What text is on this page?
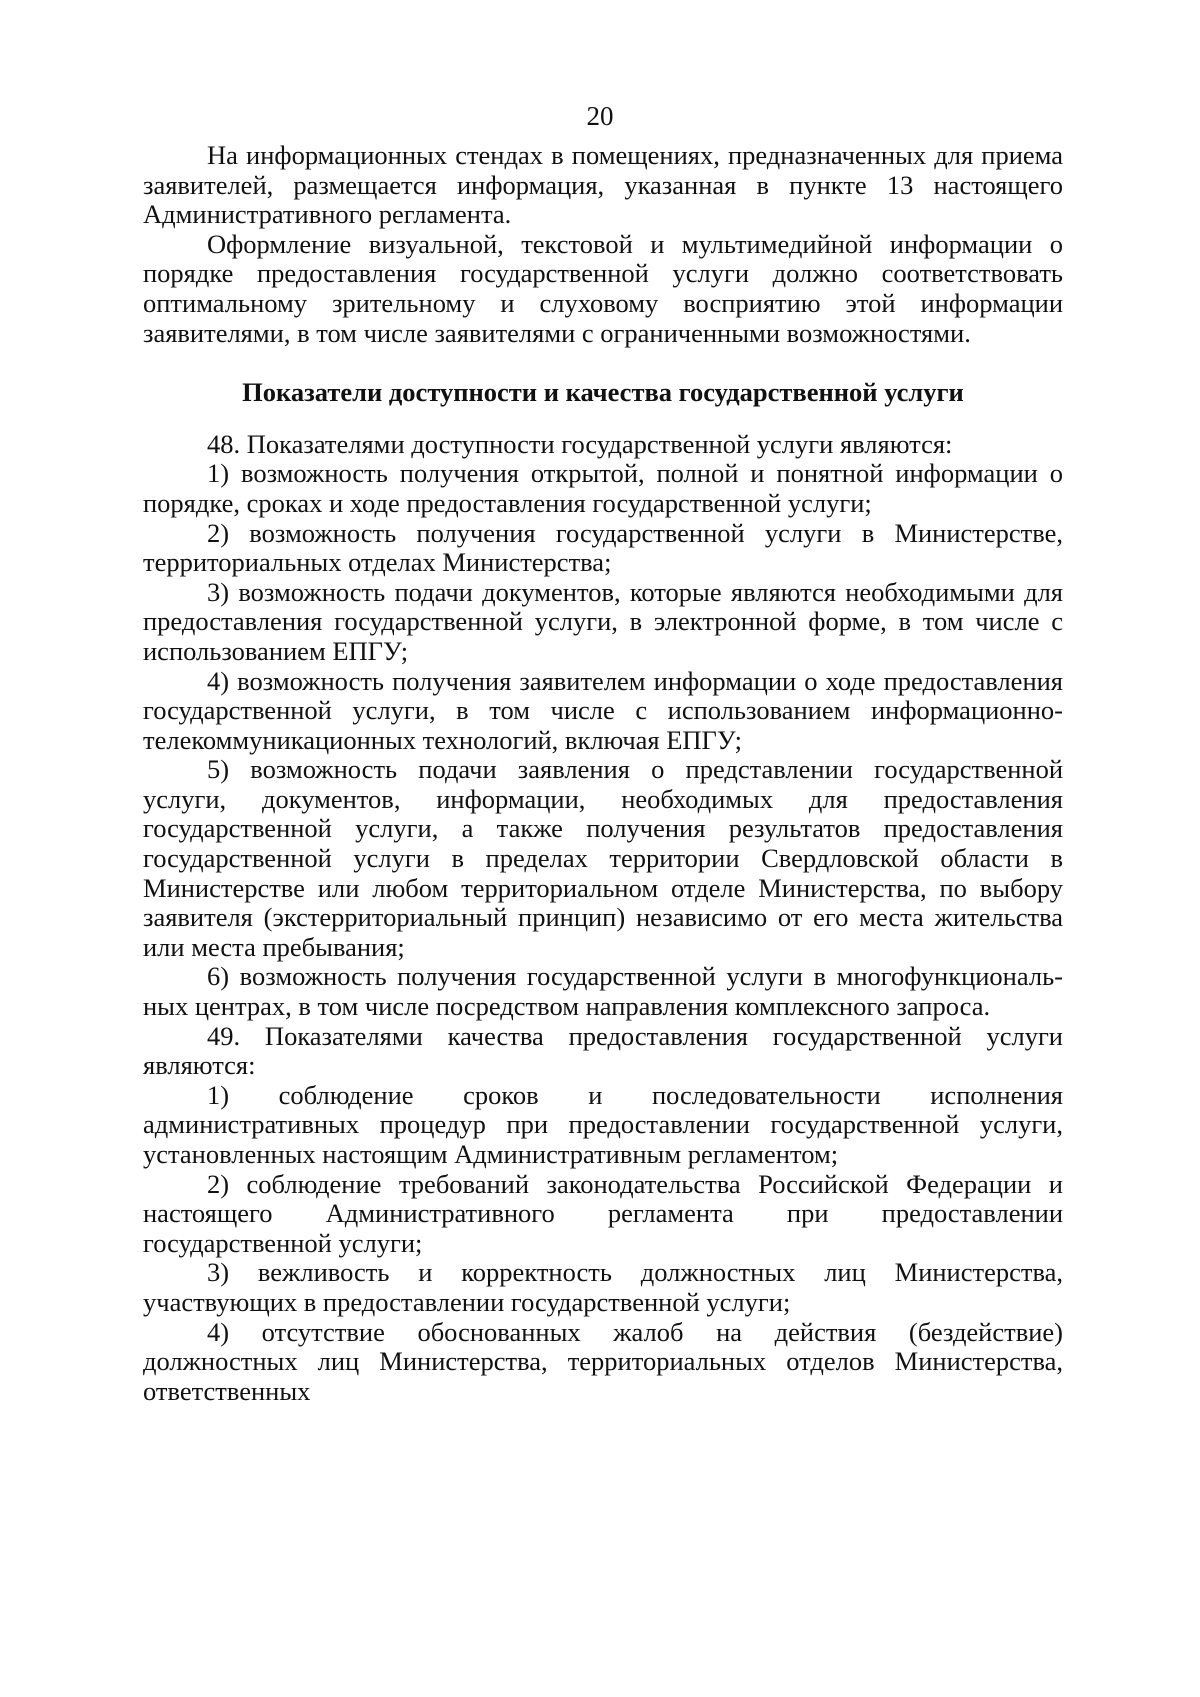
20

На информационных стендах в помещениях, предназначенных для приема заявителей, размещается информация, указанная в пункте 13 настоящего Административного регламента.

Оформление визуальной, текстовой и мультимедийной информации о порядке предоставления государственной услуги должно соответствовать оптимальному зрительному и слуховому восприятию этой информации заявителями, в том числе заявителями с ограниченными возможностями.

Показатели доступности и качества государственной услуги

48. Показателями доступности государственной услуги являются:

1) возможность получения открытой, полной и понятной информации о порядке, сроках и ходе предоставления государственной услуги;

2) возможность получения государственной услуги в Министерстве, территориальных отделах Министерства;

3) возможность подачи документов, которые являются необходимыми для предоставления государственной услуги, в электронной форме, в том числе с использованием ЕПГУ;

4) возможность получения заявителем информации о ходе предоставления государственной услуги, в том числе с использованием информационно-телекоммуникационных технологий, включая ЕПГУ;

5) возможность подачи заявления о представлении государственной услуги, документов, информации, необходимых для предоставления государственной услуги, а также получения результатов предоставления государственной услуги в пределах территории Свердловской области в Министерстве или любом территориальном отделе Министерства, по выбору заявителя (экстерриториальный принцип) независимо от его места жительства или места пребывания;

6) возможность получения государственной услуги в многофункциональ-ных центрах, в том числе посредством направления комплексного запроса.

49. Показателями качества предоставления государственной услуги являются:

1) соблюдение сроков и последовательности исполнения административных процедур при предоставлении государственной услуги, установленных настоящим Административным регламентом;

2) соблюдение требований законодательства Российской Федерации и настоящего Административного регламента при предоставлении государственной услуги;

3) вежливость и корректность должностных лиц Министерства, участвующих в предоставлении государственной услуги;

4) отсутствие обоснованных жалоб на действия (бездействие) должностных лиц Министерства, территориальных отделов Министерства, ответственных
